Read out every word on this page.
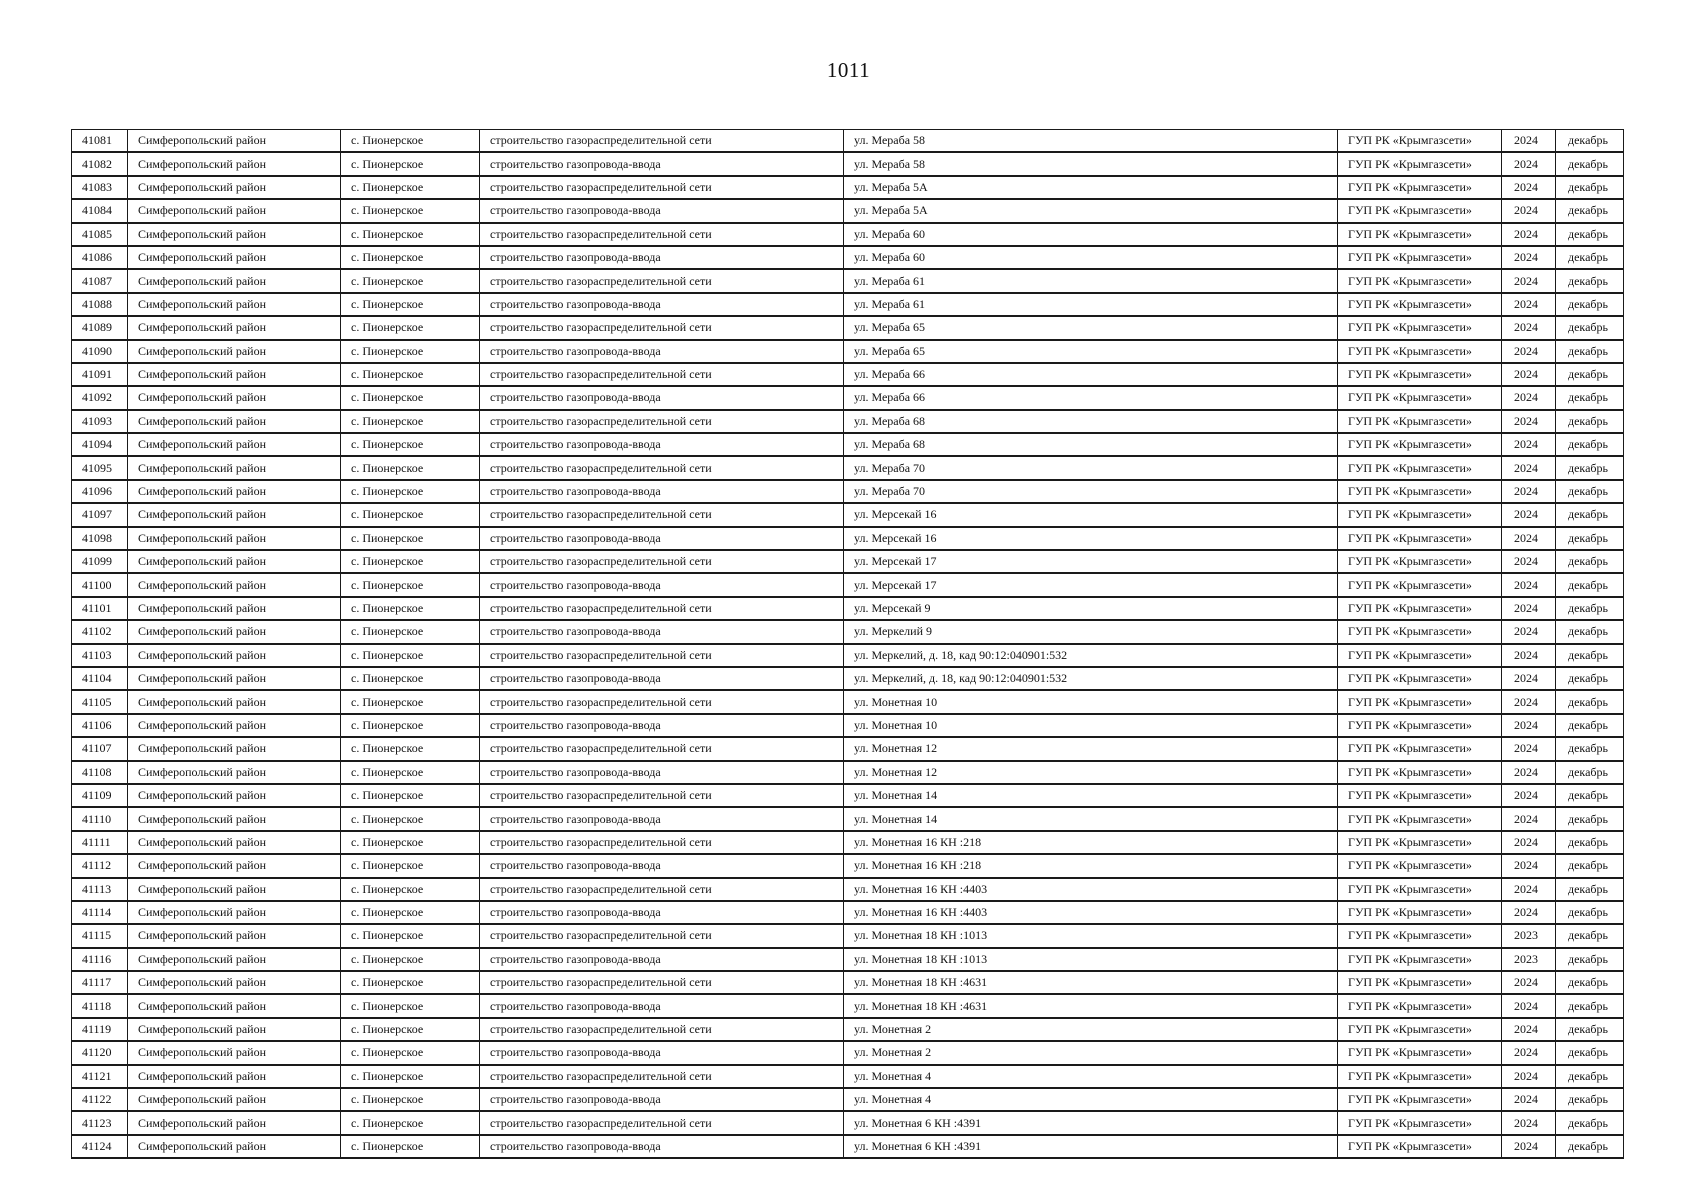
1011
41081	Симферопольский район	с. Пионерское	строительство газораспределительной сети	ул. Мераба 58	ГУП РК «Крымгазсети»	2024	декабрь
41082	Симферопольский район	с. Пионерское	строительство газопровода-ввода	ул. Мераба 58	ГУП РК «Крымгазсети»	2024	декабрь
41083	Симферопольский район	с. Пионерское	строительство газораспределительной сети	ул. Мераба 5А	ГУП РК «Крымгазсети»	2024	декабрь
41084	Симферопольский район	с. Пионерское	строительство газопровода-ввода	ул. Мераба 5А	ГУП РК «Крымгазсети»	2024	декабрь
41085	Симферопольский район	с. Пионерское	строительство газораспределительной сети	ул. Мераба 60	ГУП РК «Крымгазсети»	2024	декабрь
41086	Симферопольский район	с. Пионерское	строительство газопровода-ввода	ул. Мераба 60	ГУП РК «Крымгазсети»	2024	декабрь
41087	Симферопольский район	с. Пионерское	строительство газораспределительной сети	ул. Мераба 61	ГУП РК «Крымгазсети»	2024	декабрь
41088	Симферопольский район	с. Пионерское	строительство газопровода-ввода	ул. Мераба 61	ГУП РК «Крымгазсети»	2024	декабрь
41089	Симферопольский район	с. Пионерское	строительство газораспределительной сети	ул. Мераба 65	ГУП РК «Крымгазсети»	2024	декабрь
41090	Симферопольский район	с. Пионерское	строительство газопровода-ввода	ул. Мераба 65	ГУП РК «Крымгазсети»	2024	декабрь
41091	Симферопольский район	с. Пионерское	строительство газораспределительной сети	ул. Мераба 66	ГУП РК «Крымгазсети»	2024	декабрь
41092	Симферопольский район	с. Пионерское	строительство газопровода-ввода	ул. Мераба 66	ГУП РК «Крымгазсети»	2024	декабрь
41093	Симферопольский район	с. Пионерское	строительство газораспределительной сети	ул. Мераба 68	ГУП РК «Крымгазсети»	2024	декабрь
41094	Симферопольский район	с. Пионерское	строительство газопровода-ввода	ул. Мераба 68	ГУП РК «Крымгазсети»	2024	декабрь
41095	Симферопольский район	с. Пионерское	строительство газораспределительной сети	ул. Мераба 70	ГУП РК «Крымгазсети»	2024	декабрь
41096	Симферопольский район	с. Пионерское	строительство газопровода-ввода	ул. Мераба 70	ГУП РК «Крымгазсети»	2024	декабрь
41097	Симферопольский район	с. Пионерское	строительство газораспределительной сети	ул. Мерсекай 16	ГУП РК «Крымгазсети»	2024	декабрь
41098	Симферопольский район	с. Пионерское	строительство газопровода-ввода	ул. Мерсекай 16	ГУП РК «Крымгазсети»	2024	декабрь
41099	Симферопольский район	с. Пионерское	строительство газораспределительной сети	ул. Мерсекай 17	ГУП РК «Крымгазсети»	2024	декабрь
41100	Симферопольский район	с. Пионерское	строительство газопровода-ввода	ул. Мерсекай 17	ГУП РК «Крымгазсети»	2024	декабрь
41101	Симферопольский район	с. Пионерское	строительство газораспределительной сети	ул. Мерсекай 9	ГУП РК «Крымгазсети»	2024	декабрь
41102	Симферопольский район	с. Пионерское	строительство газопровода-ввода	ул. Меркелий 9	ГУП РК «Крымгазсети»	2024	декабрь
41103	Симферопольский район	с. Пионерское	строительство газораспределительной сети	ул. Меркелий, д. 18, кад 90:12:040901:532	ГУП РК «Крымгазсети»	2024	декабрь
41104	Симферопольский район	с. Пионерское	строительство газопровода-ввода	ул. Меркелий, д. 18, кад 90:12:040901:532	ГУП РК «Крымгазсети»	2024	декабрь
41105	Симферопольский район	с. Пионерское	строительство газораспределительной сети	ул. Монетная 10	ГУП РК «Крымгазсети»	2024	декабрь
41106	Симферопольский район	с. Пионерское	строительство газопровода-ввода	ул. Монетная 10	ГУП РК «Крымгазсети»	2024	декабрь
41107	Симферопольский район	с. Пионерское	строительство газораспределительной сети	ул. Монетная 12	ГУП РК «Крымгазсети»	2024	декабрь
41108	Симферопольский район	с. Пионерское	строительство газопровода-ввода	ул. Монетная 12	ГУП РК «Крымгазсети»	2024	декабрь
41109	Симферопольский район	с. Пионерское	строительство газораспределительной сети	ул. Монетная 14	ГУП РК «Крымгазсети»	2024	декабрь
41110	Симферопольский район	с. Пионерское	строительство газопровода-ввода	ул. Монетная 14	ГУП РК «Крымгазсети»	2024	декабрь
41111	Симферопольский район	с. Пионерское	строительство газораспределительной сети	ул. Монетная 16 КН :218	ГУП РК «Крымгазсети»	2024	декабрь
41112	Симферопольский район	с. Пионерское	строительство газопровода-ввода	ул. Монетная 16 КН :218	ГУП РК «Крымгазсети»	2024	декабрь
41113	Симферопольский район	с. Пионерское	строительство газораспределительной сети	ул. Монетная 16 КН :4403	ГУП РК «Крымгазсети»	2024	декабрь
41114	Симферопольский район	с. Пионерское	строительство газопровода-ввода	ул. Монетная 16 КН :4403	ГУП РК «Крымгазсети»	2024	декабрь
41115	Симферопольский район	с. Пионерское	строительство газораспределительной сети	ул. Монетная 18 КН :1013	ГУП РК «Крымгазсети»	2023	декабрь
41116	Симферопольский район	с. Пионерское	строительство газопровода-ввода	ул. Монетная 18 КН :1013	ГУП РК «Крымгазсети»	2023	декабрь
41117	Симферопольский район	с. Пионерское	строительство газораспределительной сети	ул. Монетная 18 КН :4631	ГУП РК «Крымгазсети»	2024	декабрь
41118	Симферопольский район	с. Пионерское	строительство газопровода-ввода	ул. Монетная 18 КН :4631	ГУП РК «Крымгазсети»	2024	декабрь
41119	Симферопольский район	с. Пионерское	строительство газораспределительной сети	ул. Монетная 2	ГУП РК «Крымгазсети»	2024	декабрь
41120	Симферопольский район	с. Пионерское	строительство газопровода-ввода	ул. Монетная 2	ГУП РК «Крымгазсети»	2024	декабрь
41121	Симферопольский район	с. Пионерское	строительство газораспределительной сети	ул. Монетная 4	ГУП РК «Крымгазсети»	2024	декабрь
41122	Симферопольский район	с. Пионерское	строительство газопровода-ввода	ул. Монетная 4	ГУП РК «Крымгазсети»	2024	декабрь
41123	Симферопольский район	с. Пионерское	строительство газораспределительной сети	ул. Монетная 6 КН :4391	ГУП РК «Крымгазсети»	2024	декабрь
41124	Симферопольский район	с. Пионерское	строительство газопровода-ввода	ул. Монетная 6 КН :4391	ГУП РК «Крымгазсети»	2024	декабрь
